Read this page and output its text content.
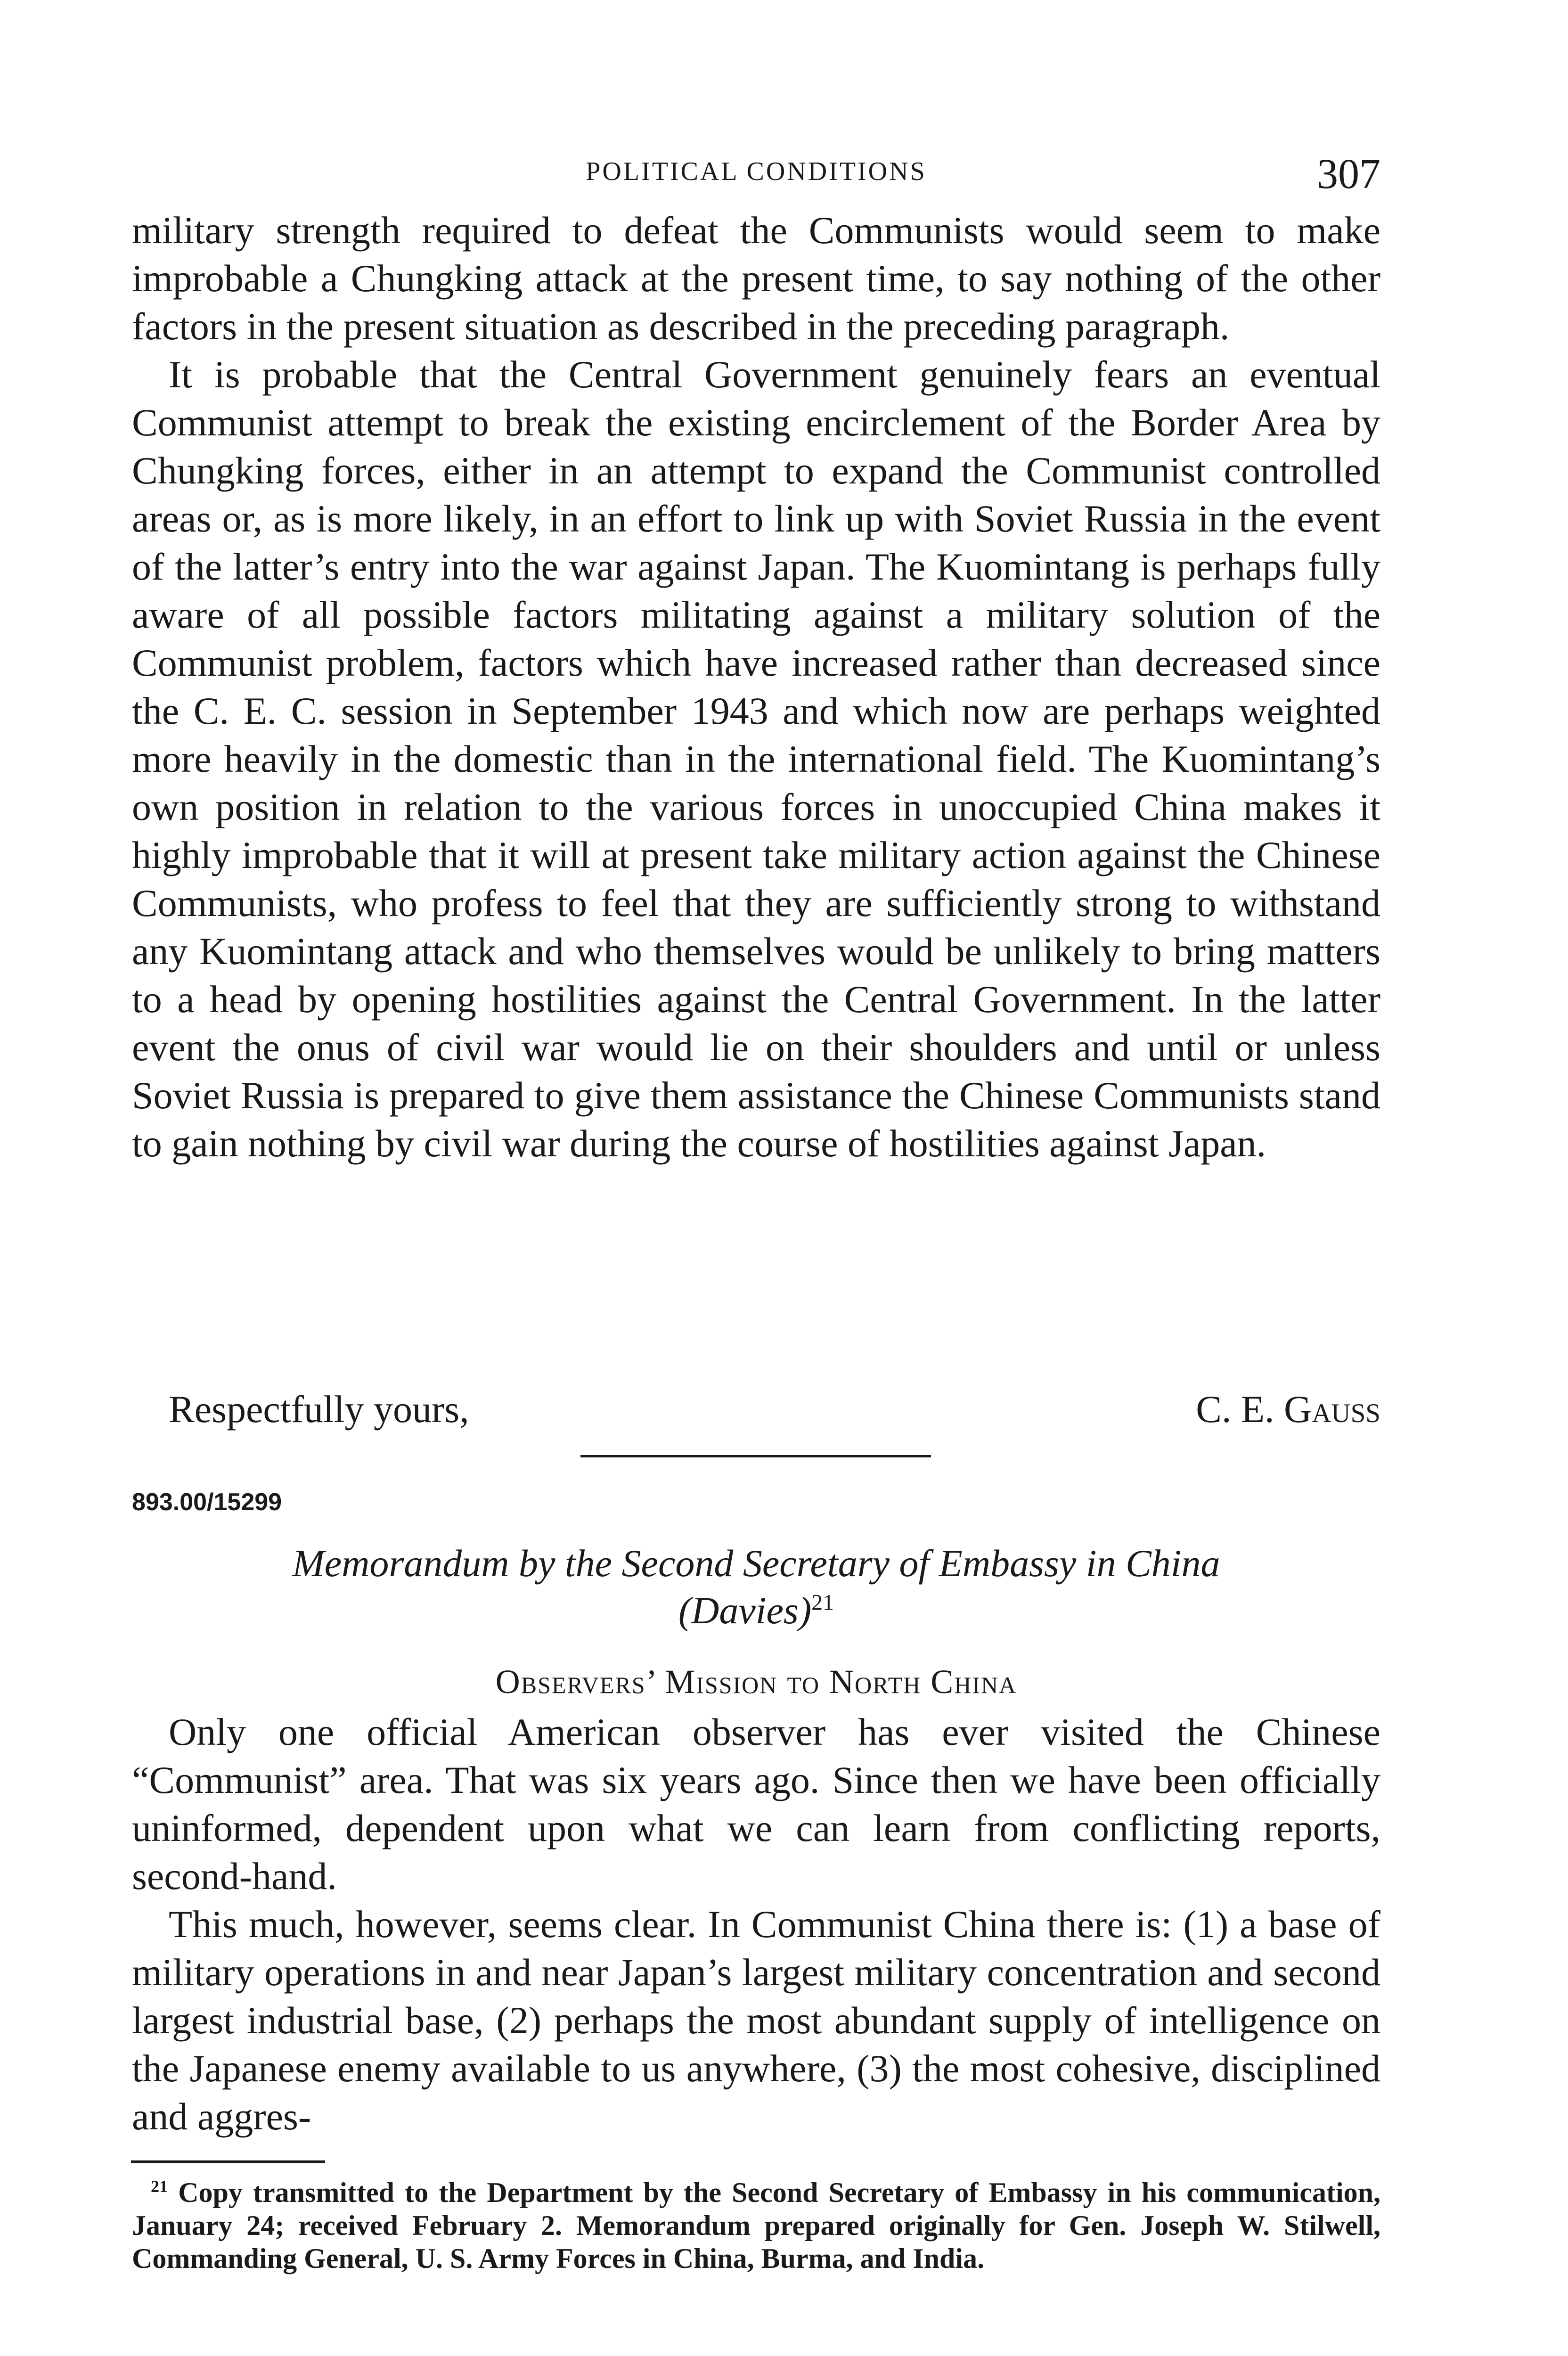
POLITICAL CONDITIONS	307

military strength required to defeat the Communists would seem to make improbable a Chungking attack at the present time, to say nothing of the other factors in the present situation as described in the preceding paragraph.

It is probable that the Central Government genuinely fears an eventual Communist attempt to break the existing encirclement of the Border Area by Chungking forces, either in an attempt to expand the Communist controlled areas or, as is more likely, in an effort to link up with Soviet Russia in the event of the latter’s entry into the war against Japan. The Kuomintang is perhaps fully aware of all possible factors militating against a military solution of the Communist problem, factors which have increased rather than decreased since the C. E. C. session in September 1943 and which now are perhaps weighted more heavily in the domestic than in the international field. The Kuomintang’s own position in relation to the various forces in unoccupied China makes it highly improbable that it will at present take military action against the Chinese Communists, who profess to feel that they are sufficiently strong to withstand any Kuomintang attack and who themselves would be unlikely to bring matters to a head by opening hostilities against the Central Government. In the latter event the onus of civil war would lie on their shoulders and until or unless Soviet Russia is prepared to give them assistance the Chinese Communists stand to gain nothing by civil war during the course of hostilities against Japan.

Respectfully yours,	C. E. Gauss
893.00/15299
Memorandum by the Second Secretary of Embassy in China
(Davies)$^{21}$
Observers’ Mission to North China

Only one official American observer has ever visited the Chinese “Communist” area. That was six years ago. Since then we have been officially uninformed, dependent upon what we can learn from conflicting reports, second-hand.

This much, however, seems clear. In Communist China there is: (1) a base of military operations in and near Japan’s largest military concentration and second largest industrial base, (2) perhaps the most abundant supply of intelligence on the Japanese enemy available to us anywhere, (3) the most cohesive, disciplined and aggres-

$^{21}$ Copy transmitted to the Department by the Second Secretary of Embassy in his communication, January 24; received February 2. Memorandum prepared originally for Gen. Joseph W. Stilwell, Commanding General, U. S. Army Forces in China, Burma, and India.
